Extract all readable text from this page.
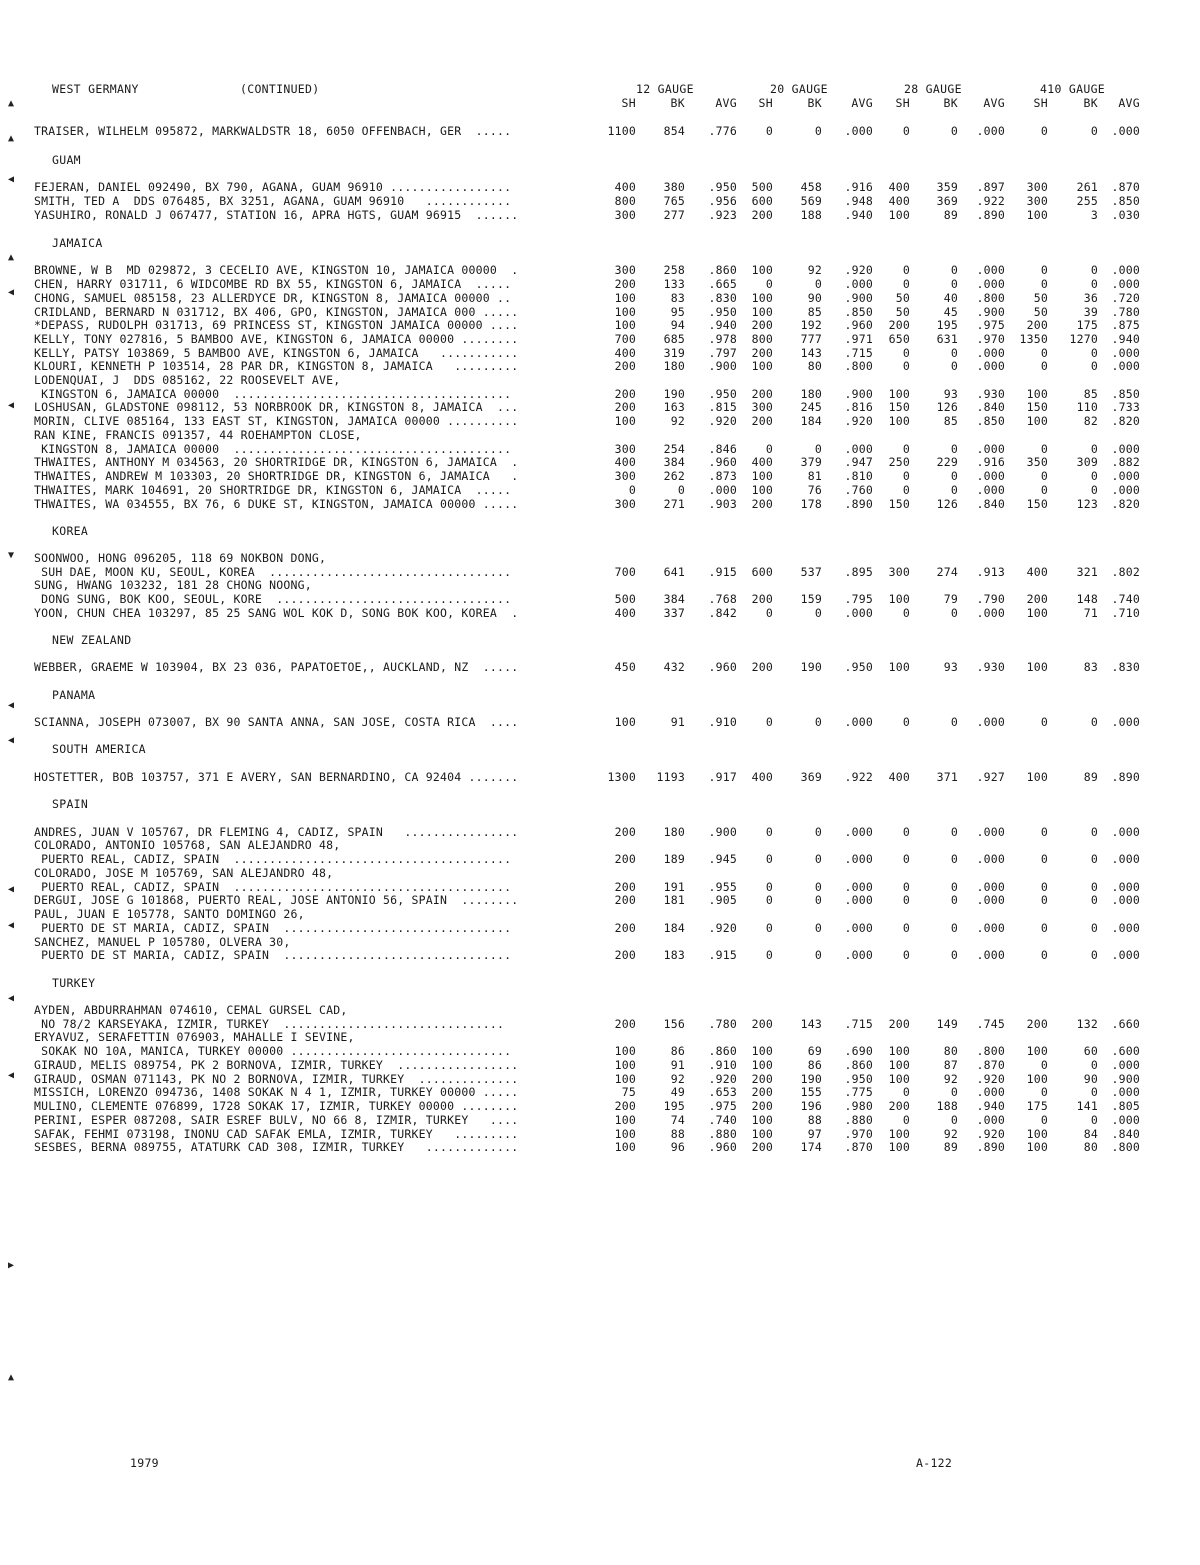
WEST GERMANY	(CONTINUED)	12 GAUGE	20 GAUGE	28 GAUGE	410 GAUGE
SH	BK	AVG	SH	BK	AVG	SH	BK	AVG	SH	BK	AVG
TRAISER, WILHELM 095872, MARKWALDSTR 18, 6050 OFFENBACH, GER  .....	1100	854	.776	0	0	.000	0	0	.000	0	0	.000
GUAM
FEJERAN, DANIEL 092490, BX 790, AGANA, GUAM 96910 .................	400	380	.950	500	458	.916	400	359	.897	300	261	.870
SMITH, TED A  DDS 076485, BX 3251, AGANA, GUAM 96910   ............	800	765	.956	600	569	.948	400	369	.922	300	255	.850
YASUHIRO, RONALD J 067477, STATION 16, APRA HGTS, GUAM 96915  ......	300	277	.923	200	188	.940	100	89	.890	100	3	.030
JAMAICA
BROWNE, W B  MD 029872, 3 CECELIO AVE, KINGSTON 10, JAMAICA 00000  .	300	258	.860	100	92	.920	0	0	.000	0	0	.000
CHEN, HARRY 031711, 6 WIDCOMBE RD BX 55, KINGSTON 6, JAMAICA  .....	200	133	.665	0	0	.000	0	0	.000	0	0	.000
CHONG, SAMUEL 085158, 23 ALLERDYCE DR, KINGSTON 8, JAMAICA 00000 ..	100	83	.830	100	90	.900	50	40	.800	50	36	.720
CRIDLAND, BERNARD N 031712, BX 406, GPO, KINGSTON, JAMAICA 000 .....	100	95	.950	100	85	.850	50	45	.900	50	39	.780
*DEPASS, RUDOLPH 031713, 69 PRINCESS ST, KINGSTON JAMAICA 00000 ....	100	94	.940	200	192	.960	200	195	.975	200	175	.875
KELLY, TONY 027816, 5 BAMBOO AVE, KINGSTON 6, JAMAICA 00000 ........	700	685	.978	800	777	.971	650	631	.970	1350	1270	.940
KELLY, PATSY 103869, 5 BAMBOO AVE, KINGSTON 6, JAMAICA   ...........	400	319	.797	200	143	.715	0	0	.000	0	0	.000
KLOURI, KENNETH P 103514, 28 PAR DR, KINGSTON 8, JAMAICA   .........	200	180	.900	100	80	.800	0	0	.000	0	0	.000
LODENQUAI, J  DDS 085162, 22 ROOSEVELT AVE,
KINGSTON 6, JAMAICA 00000  .......................................	200	190	.950	200	180	.900	100	93	.930	100	85	.850
LOSHUSAN, GLADSTONE 098112, 53 NORBROOK DR, KINGSTON 8, JAMAICA  ...	200	163	.815	300	245	.816	150	126	.840	150	110	.733
MORIN, CLIVE 085164, 133 EAST ST, KINGSTON, JAMAICA 00000 ..........	100	92	.920	200	184	.920	100	85	.850	100	82	.820
RAN KINE, FRANCIS 091357, 44 ROEHAMPTON CLOSE,
KINGSTON 8, JAMAICA 00000  .......................................	300	254	.846	0	0	.000	0	0	.000	0	0	.000
THWAITES, ANTHONY M 034563, 20 SHORTRIDGE DR, KINGSTON 6, JAMAICA  .	400	384	.960	400	379	.947	250	229	.916	350	309	.882
THWAITES, ANDREW M 103303, 20 SHORTRIDGE DR, KINGSTON 6, JAMAICA   .	300	262	.873	100	81	.810	0	0	.000	0	0	.000
THWAITES, MARK 104691, 20 SHORTRIDGE DR, KINGSTON 6, JAMAICA  .....	0	0	.000	100	76	.760	0	0	.000	0	0	.000
THWAITES, WA 034555, BX 76, 6 DUKE ST, KINGSTON, JAMAICA 00000 .....	300	271	.903	200	178	.890	150	126	.840	150	123	.820
KOREA
SOONWOO, HONG 096205, 118 69 NOKBON DONG,
SUH DAE, MOON KU, SEOUL, KOREA  ..................................	700	641	.915	600	537	.895	300	274	.913	400	321	.802
SUNG, HWANG 103232, 181 28 CHONG NOONG,
DONG SUNG, BOK KOO, SEOUL, KORE  .................................	500	384	.768	200	159	.795	100	79	.790	200	148	.740
YOON, CHUN CHEA 103297, 85 25 SANG WOL KOK D, SONG BOK KOO, KOREA  .	400	337	.842	0	0	.000	0	0	.000	100	71	.710
NEW ZEALAND
WEBBER, GRAEME W 103904, BX 23 036, PAPATOETOE,, AUCKLAND, NZ  .....	450	432	.960	200	190	.950	100	93	.930	100	83	.830
PANAMA
SCIANNA, JOSEPH 073007, BX 90 SANTA ANNA, SAN JOSE, COSTA RICA  ....	100	91	.910	0	0	.000	0	0	.000	0	0	.000
SOUTH AMERICA
HOSTETTER, BOB 103757, 371 E AVERY, SAN BERNARDINO, CA 92404 .......	1300	1193	.917	400	369	.922	400	371	.927	100	89	.890
SPAIN
ANDRES, JUAN V 105767, DR FLEMING 4, CADIZ, SPAIN   ................	200	180	.900	0	0	.000	0	0	.000	0	0	.000
COLORADO, ANTONIO 105768, SAN ALEJANDRO 48,
PUERTO REAL, CADIZ, SPAIN  .......................................	200	189	.945	0	0	.000	0	0	.000	0	0	.000
COLORADO, JOSE M 105769, SAN ALEJANDRO 48,
PUERTO REAL, CADIZ, SPAIN  .......................................	200	191	.955	0	0	.000	0	0	.000	0	0	.000
DERGUI, JOSE G 101868, PUERTO REAL, JOSE ANTONIO 56, SPAIN  ........	200	181	.905	0	0	.000	0	0	.000	0	0	.000
PAUL, JUAN E 105778, SANTO DOMINGO 26,
PUERTO DE ST MARIA, CADIZ, SPAIN  ................................	200	184	.920	0	0	.000	0	0	.000	0	0	.000
SANCHEZ, MANUEL P 105780, OLVERA 30,
PUERTO DE ST MARIA, CADIZ, SPAIN  ................................	200	183	.915	0	0	.000	0	0	.000	0	0	.000
TURKEY
AYDEN, ABDURRAHMAN 074610, CEMAL GURSEL CAD,
NO 78/2 KARSEYAKA, IZMIR, TURKEY  ...............................	200	156	.780	200	143	.715	200	149	.745	200	132	.660
ERYAVUZ, SERAFETTIN 076903, MAHALLE I SEVINE,
SOKAK NO 10A, MANICA, TURKEY 00000 ...............................	100	86	.860	100	69	.690	100	80	.800	100	60	.600
GIRAUD, MELIS 089754, PK 2 BORNOVA, IZMIR, TURKEY  .................	100	91	.910	100	86	.860	100	87	.870	0	0	.000
GIRAUD, OSMAN 071143, PK NO 2 BORNOVA, IZMIR, TURKEY  ..............	100	92	.920	200	190	.950	100	92	.920	100	90	.900
MISSICH, LORENZO 094736, 1408 SOKAK N 4 1, IZMIR, TURKEY 00000 .....	75	49	.653	200	155	.775	0	0	.000	0	0	.000
MULINO, CLEMENTE 076899, 1728 SOKAK 17, IZMIR, TURKEY 00000 ........	200	195	.975	200	196	.980	200	188	.940	175	141	.805
PERINI, ESPER 087208, SAIR ESREF BULV, NO 66 8, IZMIR, TURKEY   ....	100	74	.740	100	88	.880	0	0	.000	0	0	.000
SAFAK, FEHMI 073198, INONU CAD SAFAK EMLA, IZMIR, TURKEY   .........	100	88	.880	100	97	.970	100	92	.920	100	84	.840
SESBES, BERNA 089755, ATATURK CAD 308, IZMIR, TURKEY   .............	100	96	.960	200	174	.870	100	89	.890	100	80	.800
▲
▲
◀
▲
◀
◀
▼
◀
◀
◀
◀
◀
◀
▶
▲
1979	A-122
